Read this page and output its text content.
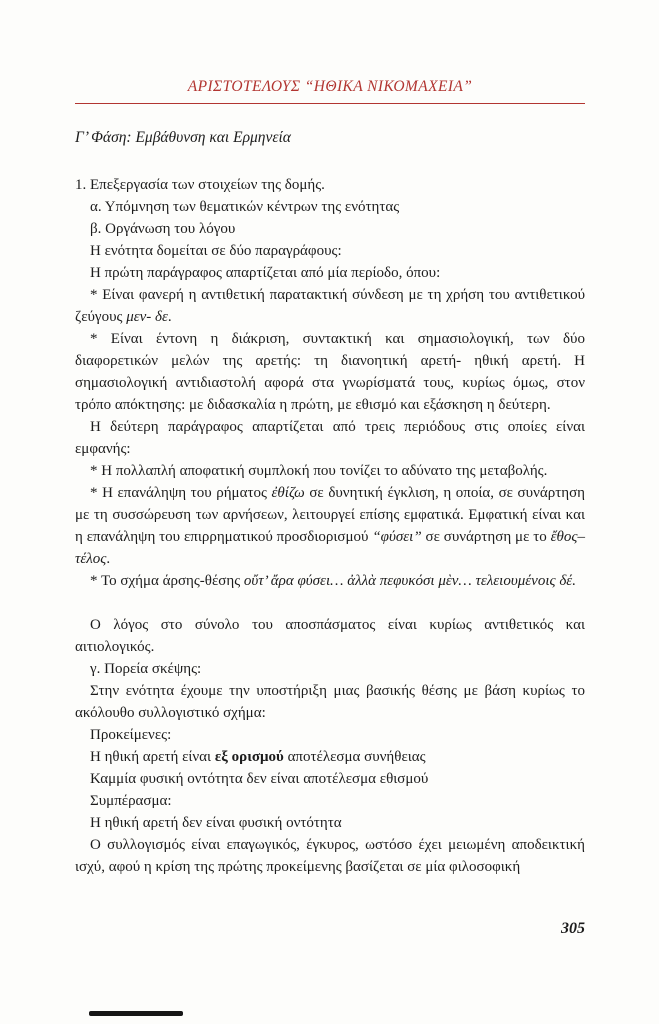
ΑΡΙΣΤΟΤΕΛΟΥΣ “ΗΘΙΚΑ ΝΙΚΟΜΑΧΕΙΑ”
Γ’ Φάση: Εμβάθυνση και Ερμηνεία

1. Επεξεργασία των στοιχείων της δομής.

α. Υπόμνηση των θεματικών κέντρων της ενότητας

β. Οργάνωση του λόγου

Η ενότητα δομείται σε δύο παραγράφους:

Η πρώτη παράγραφος απαρτίζεται από μία περίοδο, όπου:

* Είναι φανερή η αντιθετική παρατακτική σύνδεση με τη χρήση του αντιθετικού ζεύγους μεν- δε.

* Είναι έντονη η διάκριση, συντακτική και σημασιολογική, των δύο διαφορετικών μελών της αρετής: τη διανοητική αρετή- ηθική αρετή. Η σημασιολογική αντιδιαστολή αφορά στα γνωρίσματά τους, κυρίως όμως, στον τρόπο απόκτησης: με διδασκαλία η πρώτη, με εθισμό και εξάσκηση η δεύτερη.

Η δεύτερη παράγραφος απαρτίζεται από τρεις περιόδους στις οποίες είναι εμφανής:

* Η πολλαπλή αποφατική συμπλοκή που τονίζει το αδύνατο της μεταβολής.

* Η επανάληψη του ρήματος ἐθίζω σε δυνητική έγκλιση, η οποία, σε συνάρτηση με τη συσσώρευση των αρνήσεων, λειτουργεί επίσης εμφατικά. Εμφατική είναι και η επανάληψη του επιρρηματικού προσδιορισμού “φύσει” σε συνάρτηση με το ἔθος–τέλος.

* Το σχήμα άρσης-θέσης οὔτ’ ἄρα φύσει… ἀλλὰ πεφυκόσι μὲν… τελειουμένοις δέ.

Ο λόγος στο σύνολο του αποσπάσματος είναι κυρίως αντιθετικός και αιτιολογικός.

γ. Πορεία σκέψης:

Στην ενότητα έχουμε την υποστήριξη μιας βασικής θέσης με βάση κυρίως το ακόλουθο συλλογιστικό σχήμα:

Προκείμενες:

Η ηθική αρετή είναι εξ ορισμού αποτέλεσμα συνήθειας

Καμμία φυσική οντότητα δεν είναι αποτέλεσμα εθισμού

Συμπέρασμα:

Η ηθική αρετή δεν είναι φυσική οντότητα

Ο συλλογισμός είναι επαγωγικός, έγκυρος, ωστόσο έχει μειωμένη αποδεικτική ισχύ, αφού η κρίση της πρώτης προκείμενης βασίζεται σε μία φιλοσοφική

305
